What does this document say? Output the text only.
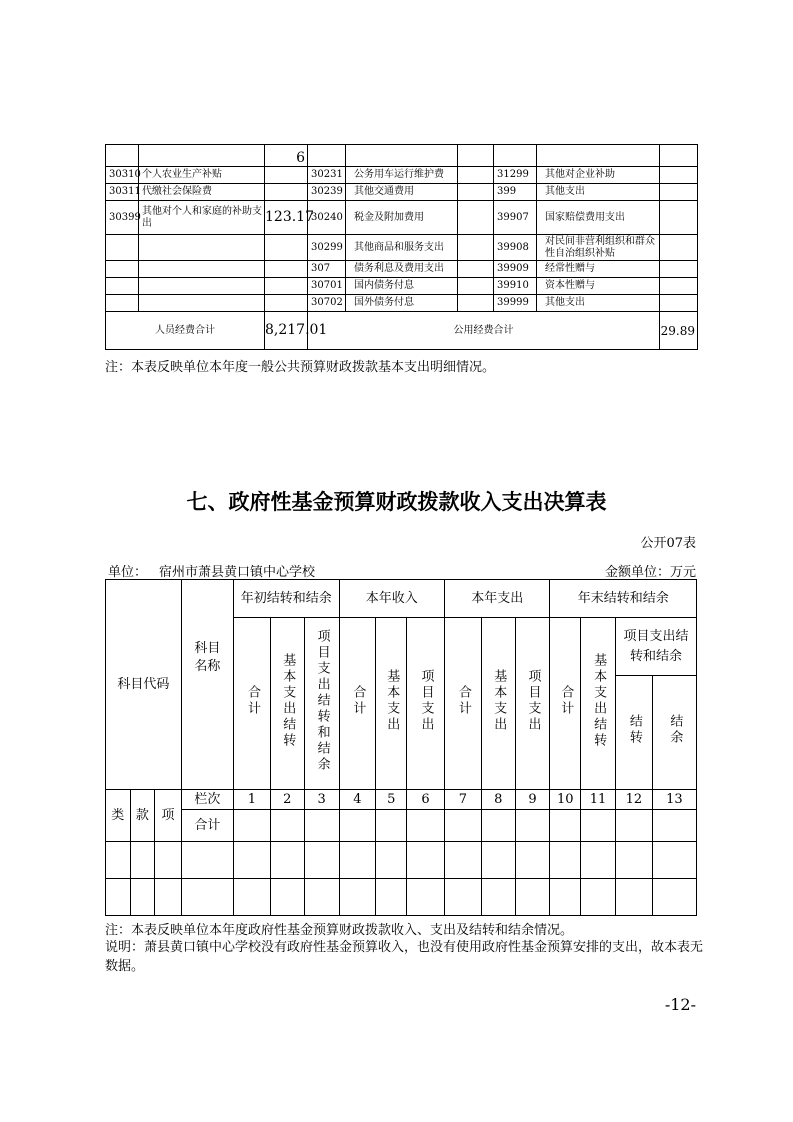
		6						
30310	个人农业生产补贴		30231	公务用车运行维护费		31299	其他对企业补助	
30311	代缴社会保险费		30239	其他交通费用		399	其他支出	
30399	其他对个人和家庭的补助支出	123.17	30240	税金及附加费用		39907	国家赔偿费用支出	
			30299	其他商品和服务支出		39908	对民间非营利组织和群众性自治组织补贴	
			307	债务利息及费用支出		39909	经常性赠与	
			30701	国内债务付息		39910	资本性赠与	
			30702	国外债务付息		39999	其他支出	
人员经费合计		8,217.01	公用经费合计					29.89
注：本表反映单位本年度一般公共预算财政拨款基本支出明细情况。
七、政府性基金预算财政拨款收入支出决算表
公开07表
单位： 宿州市萧县黄口镇中心学校	金额单位：万元
科目代码			科目名称	年初结转和结余			本年收入			本年支出			年末结转和结余			
				合计	基本支出结转	项目支出结转和结余	合计	基本支出	项目支出	合计	基本支出	项目支出	合计	基本支出结转	项目支出结转和结余	

															结转	结余
类	款	项	栏次	1	2	3	4	5	6	7	8	9	10	11	12	13
			合计													

注：本表反映单位本年度政府性基金预算财政拨款收入、支出及结转和结余情况。
说明：萧县黄口镇中心学校没有政府性基金预算收入，也没有使用政府性基金预算安排的支出，故本表无数据。
-12-
